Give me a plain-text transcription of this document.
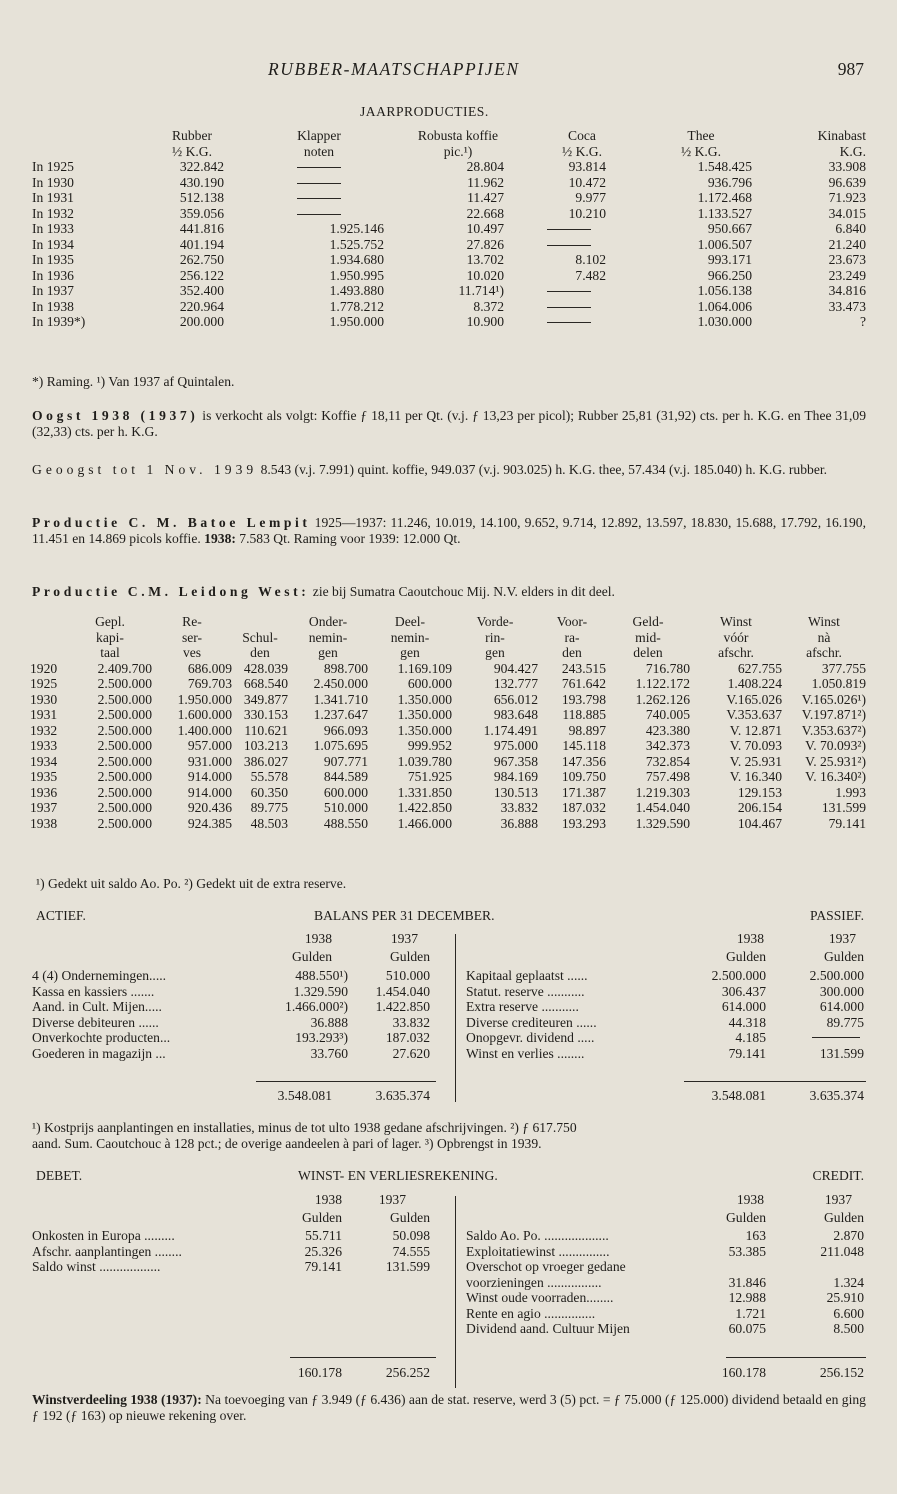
RUBBER-MAATSCHAPPIJEN	987
JAARPRODUCTIES.
	Rubber	Klapper	Robusta koffie	Coca	Thee	Kinabast
	½ K.G.	noten	pic.¹)	½ K.G.	½ K.G.	K.G.
In 1925	322.842		28.804	93.814	1.548.425	33.908
In 1930	430.190		11.962	10.472	936.796	96.639
In 1931	512.138		11.427	9.977	1.172.468	71.923
In 1932	359.056		22.668	10.210	1.133.527	34.015
In 1933	441.816	1.925.146	10.497		950.667	6.840
In 1934	401.194	1.525.752	27.826		1.006.507	21.240
In 1935	262.750	1.934.680	13.702	8.102	993.171	23.673
In 1936	256.122	1.950.995	10.020	7.482	966.250	23.249
In 1937	352.400	1.493.880	11.714¹)		1.056.138	34.816
In 1938	220.964	1.778.212	8.372		1.064.006	33.473
In 1939*)	200.000	1.950.000	10.900		1.030.000	?
*) Raming. ¹) Van 1937 af Quintalen.
Oogst 1938 (1937) is verkocht als volgt: Koffie ƒ 18,11 per Qt. (v.j. ƒ 13,23 per picol); Rubber 25,81 (31,92) cts. per h. K.G. en Thee 31,09 (32,33) cts. per h. K.G.
Geoogst tot 1 Nov. 1939 8.543 (v.j. 7.991) quint. koffie, 949.037 (v.j. 903.025) h. K.G. thee, 57.434 (v.j. 185.040) h. K.G. rubber.
Productie C. M. Batoe Lempit 1925—1937: 11.246, 10.019, 14.100, 9.652, 9.714, 12.892, 13.597, 18.830, 15.688, 17.792, 16.190, 11.451 en 14.869 picols koffie. 1938: 7.583 Qt. Raming voor 1939: 12.000 Qt.
Productie C.M. Leidong West: zie bij Sumatra Caoutchouc Mij. N.V. elders in dit deel.
	Gepl.	Re-		Onder-	Deel-	Vorde-	Voor-	Geld-	Winst	Winst
	kapi-	ser-	Schul-	nemin-	nemin-	rin-	ra-	mid-	vóór	nà
	taal	ves	den	gen	gen	gen	den	delen	afschr.	afschr.
1920	2.409.700	686.009	428.039	898.700	1.169.109	904.427	243.515	716.780	627.755	377.755
1925	2.500.000	769.703	668.540	2.450.000	600.000	132.777	761.642	1.122.172	1.408.224	1.050.819
1930	2.500.000	1.950.000	349.877	1.341.710	1.350.000	656.012	193.798	1.262.126	V.165.026	V.165.026¹)
1931	2.500.000	1.600.000	330.153	1.237.647	1.350.000	983.648	118.885	740.005	V.353.637	V.197.871²)
1932	2.500.000	1.400.000	110.621	966.093	1.350.000	1.174.491	98.897	423.380	V. 12.871	V.353.637²)
1933	2.500.000	957.000	103.213	1.075.695	999.952	975.000	145.118	342.373	V. 70.093	V. 70.093²)
1934	2.500.000	931.000	386.027	907.771	1.039.780	967.358	147.356	732.854	V. 25.931	V. 25.931²)
1935	2.500.000	914.000	55.578	844.589	751.925	984.169	109.750	757.498	V. 16.340	V. 16.340²)
1936	2.500.000	914.000	60.350	600.000	1.331.850	130.513	171.387	1.219.303	129.153	1.993
1937	2.500.000	920.436	89.775	510.000	1.422.850	33.832	187.032	1.454.040	206.154	131.599
1938	2.500.000	924.385	48.503	488.550	1.466.000	36.888	193.293	1.329.590	104.467	79.141
¹) Gedekt uit saldo Ao. Po. ²) Gedekt uit de extra reserve.
ACTIEF.	BALANS PER 31 DECEMBER.	PASSIEF.
1938	1937
Gulden	Gulden
1938	1937
Gulden	Gulden
4 (4) Ondernemingen.....	488.550¹)	510.000
Kassa en kassiers .......	1.329.590	1.454.040
Aand. in Cult. Mijen.....	1.466.000²)	1.422.850
Diverse debiteuren ......	36.888	33.832
Onverkochte producten...	193.293³)	187.032
Goederen in magazijn ...	33.760	27.620
Kapitaal geplaatst ......	2.500.000	2.500.000
Statut. reserve ...........	306.437	300.000
Extra reserve ...........	614.000	614.000
Diverse crediteuren ......	44.318	89.775
Onopgevr. dividend .....	4.185
Winst en verlies ........	79.141	131.599
3.548.081	3.635.374	3.548.081	3.635.374
¹) Kostprijs aanplantingen en installaties, minus de tot ulto 1938 gedane afschrijvingen. ²) ƒ 617.750
aand. Sum. Caoutchouc à 128 pct.; de overige aandeelen à pari of lager. ³) Opbrengst in 1939.
DEBET.	WINST- EN VERLIESREKENING.	CREDIT.
1938	1937
Gulden	Gulden
1938	1937
Gulden	Gulden
Onkosten in Europa .........	55.711	50.098
Afschr. aanplantingen ........	25.326	74.555
Saldo winst ..................	79.141	131.599
Saldo Ao. Po. ...................	163	2.870
Exploitatiewinst ...............	53.385	211.048
Overschot op vroeger gedane
voorzieningen ................	31.846	1.324
Winst oude voorraden........	12.988	25.910
Rente en agio ...............	1.721	6.600
Dividend aand. Cultuur Mijen	60.075	8.500
160.178	256.252	160.178	256.152
Winstverdeeling 1938 (1937): Na toevoeging van ƒ 3.949 (ƒ 6.436) aan de stat. reserve, werd 3 (5) pct. = ƒ 75.000 (ƒ 125.000) dividend betaald en ging ƒ 192 (ƒ 163) op nieuwe rekening over.
